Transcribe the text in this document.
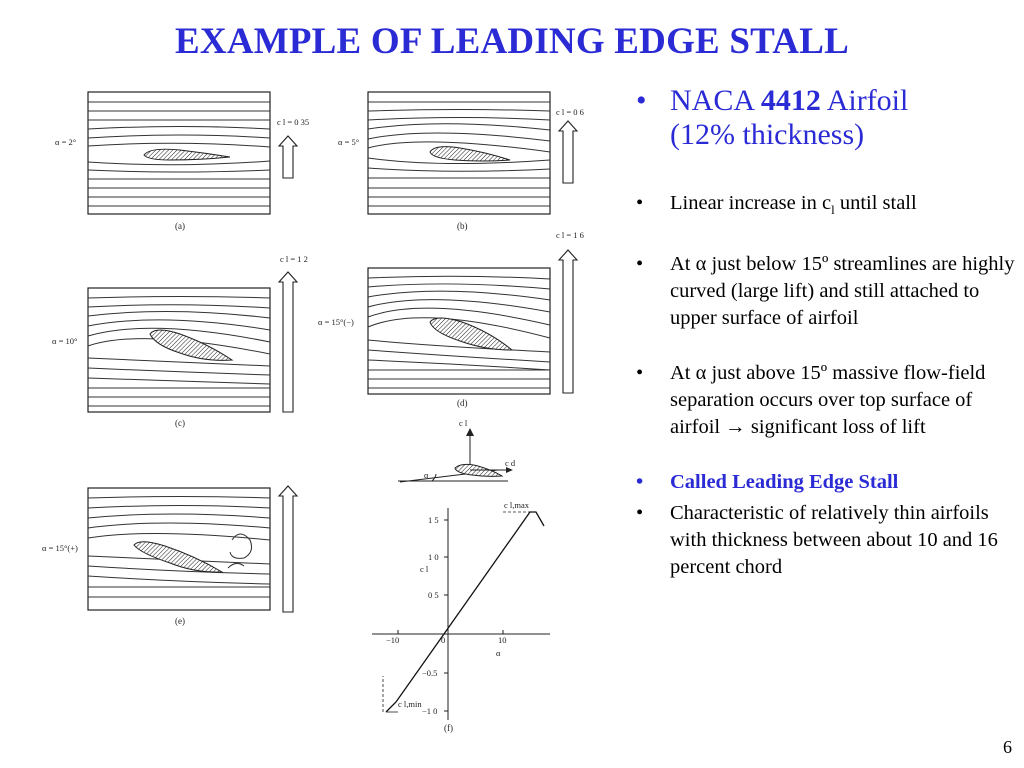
EXAMPLE OF LEADING EDGE STALL
α = 2°
c l = 0 35
(a)
α = 5°
c l = 0 6
(b)
α = 10°
c l = 1 2
(c)
α = 15°(−)
c l = 1 6
(d)
α = 15°(+)
(e)
c l
c d
α
1 5
1 0
0 5
0
−0.5
−1 0
−10	10
c l
α
c l,max
c l,min
(f)
• NACA 4412 Airfoil
(12% thickness)
• Linear increase in $c_l$ until stall
• At α just below 15º streamlines are highly curved (large lift) and still attached to upper surface of airfoil
• At α just above 15º massive flow-field separation occurs over top surface of airfoil → significant loss of lift
• Called Leading Edge Stall
• Characteristic of relatively thin airfoils with thickness between about 10 and 16 percent chord
6
